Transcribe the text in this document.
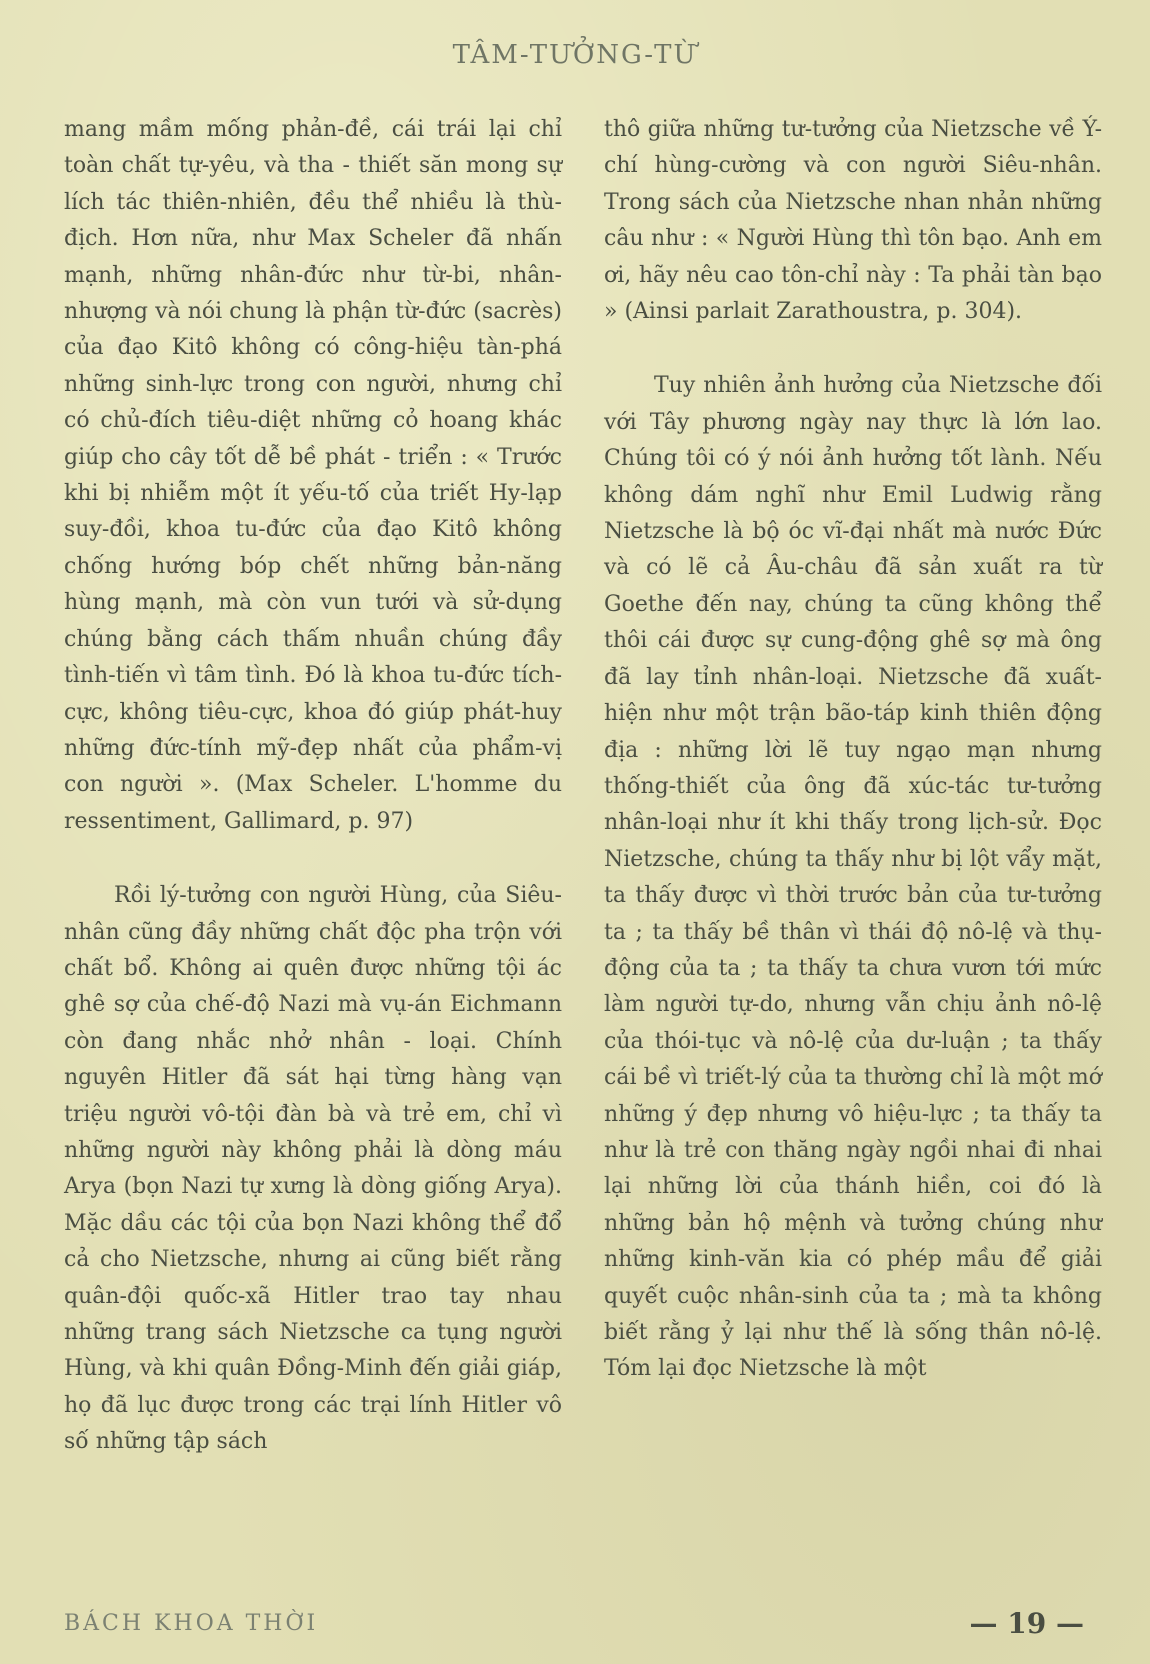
TÂM-TƯỞNG-TỪ

mang mầm mống phản-đề, cái trái lại chỉ toàn chất tự-yêu, và tha - thiết săn mong sự lích tác thiên-nhiên, đều thể nhiều là thù-địch. Hơn nữa, như Max Scheler đã nhấn mạnh, những nhân-đức như từ-bi, nhân-nhượng và nói chung là phận từ-đức (sacrès) của đạo Kitô không có công-hiệu tàn-phá những sinh-lực trong con người, nhưng chỉ có chủ-đích tiêu-diệt những cỏ hoang khác giúp cho cây tốt dễ bề phát - triển : « Trước khi bị nhiễm một ít yếu-tố của triết Hy-lạp suy-đồi, khoa tu-đức của đạo Kitô không chống hướng bóp chết những bản-năng hùng mạnh, mà còn vun tưới và sử-dụng chúng bằng cách thấm nhuần chúng đầy tình-tiến vì tâm tình. Đó là khoa tu-đức tích-cực, không tiêu-cực, khoa đó giúp phát-huy những đức-tính mỹ-đẹp nhất của phẩm-vị con người ». (Max Scheler. L'homme du ressentiment, Gallimard, p. 97)

Rồi lý-tưởng con người Hùng, của Siêu-nhân cũng đầy những chất độc pha trộn với chất bổ. Không ai quên được những tội ác ghê sợ của chế-độ Nazi mà vụ-án Eichmann còn đang nhắc nhở nhân - loại. Chính nguyên Hitler đã sát hại từng hàng vạn triệu người vô-tội đàn bà và trẻ em, chỉ vì những người này không phải là dòng máu Arya (bọn Nazi tự xưng là dòng giống Arya). Mặc dầu các tội của bọn Nazi không thể đổ cả cho Nietzsche, nhưng ai cũng biết rằng quân-đội quốc-xã Hitler trao tay nhau những trang sách Nietzsche ca tụng người Hùng, và khi quân Đồng-Minh đến giải giáp, họ đã lục được trong các trại lính Hitler vô số những tập sách

thô giữa những tư-tưởng của Nietzsche về Ý-chí hùng-cường và con người Siêu-nhân. Trong sách của Nietzsche nhan nhản những câu như : « Người Hùng thì tôn bạo. Anh em ơi, hãy nêu cao tôn-chỉ này : Ta phải tàn bạo » (Ainsi parlait Zarathoustra, p. 304).

Tuy nhiên ảnh hưởng của Nietzsche đối với Tây phương ngày nay thực là lớn lao. Chúng tôi có ý nói ảnh hưởng tốt lành. Nếu không dám nghĩ như Emil Ludwig rằng Nietzsche là bộ óc vĩ-đại nhất mà nước Đức và có lẽ cả Âu-châu đã sản xuất ra từ Goethe đến nay, chúng ta cũng không thể thôi cái được sự cung-động ghê sợ mà ông đã lay tỉnh nhân-loại. Nietzsche đã xuất-hiện như một trận bão-táp kinh thiên động địa : những lời lẽ tuy ngạo mạn nhưng thống-thiết của ông đã xúc-tác tư-tưởng nhân-loại như ít khi thấy trong lịch-sử. Đọc Nietzsche, chúng ta thấy như bị lột vẩy mặt, ta thấy được vì thời trước bản của tư-tưởng ta ; ta thấy bề thân vì thái độ nô-lệ và thụ-động của ta ; ta thấy ta chưa vươn tới mức làm người tự-do, nhưng vẫn chịu ảnh nô-lệ của thói-tục và nô-lệ của dư-luận ; ta thấy cái bề vì triết-lý của ta thường chỉ là một mớ những ý đẹp nhưng vô hiệu-lực ; ta thấy ta như là trẻ con thăng ngày ngồi nhai đi nhai lại những lời của thánh hiền, coi đó là những bản hộ mệnh và tưởng chúng như những kinh-văn kia có phép mầu để giải quyết cuộc nhân-sinh của ta ; mà ta không biết rằng ỷ lại như thế là sống thân nô-lệ. Tóm lại đọc Nietzsche là một

BÁCH KHOA THỜI	— 19 —
